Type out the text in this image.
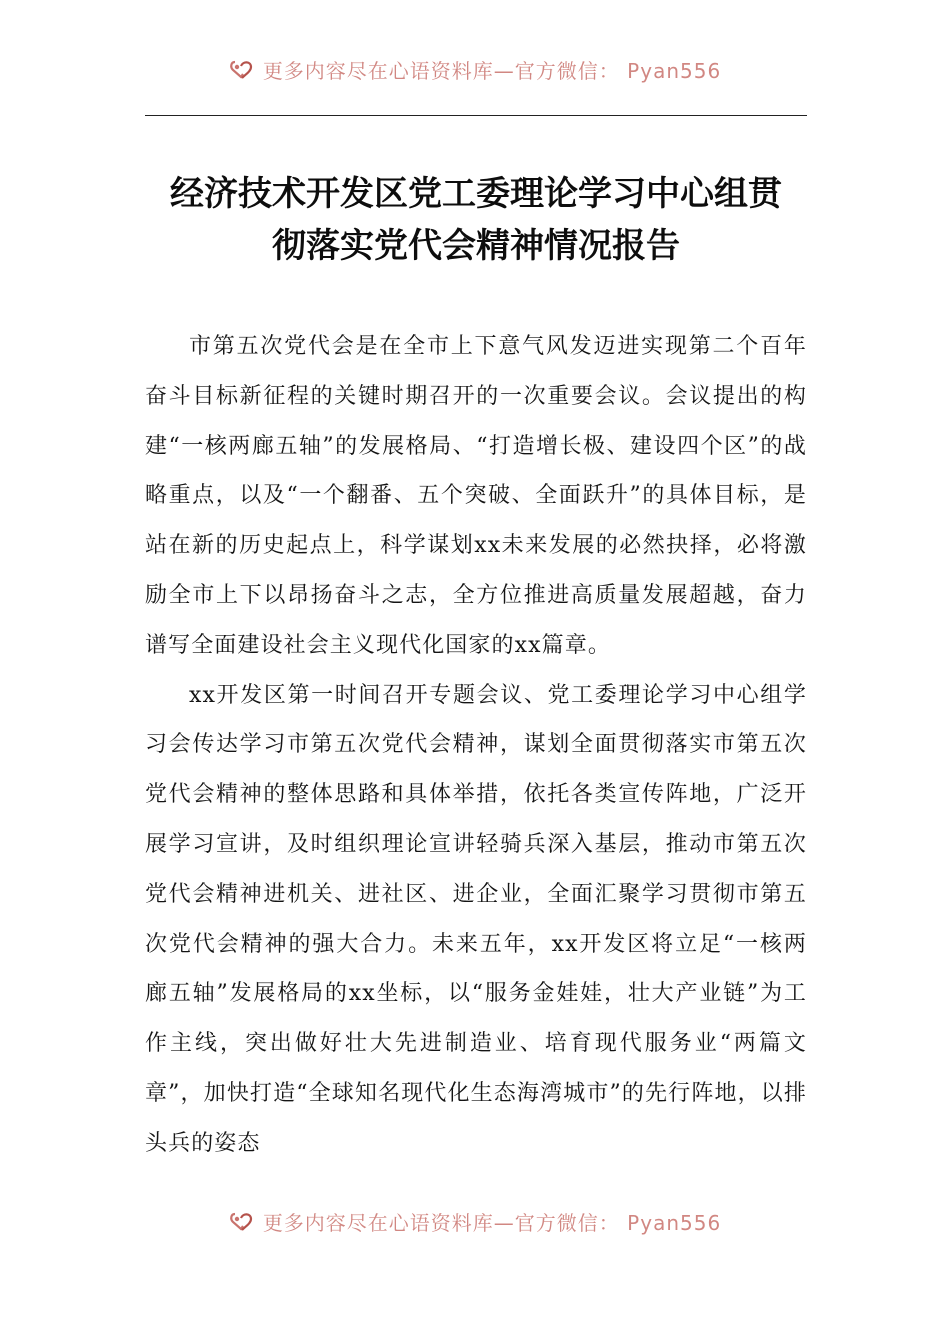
更多内容尽在心语资料库—官方微信： Pyan556
经济技术开发区党工委理论学习中心组贯
彻落实党代会精神情况报告

市第五次党代会是在全市上下意气风发迈进实现第二个百年奋斗目标新征程的关键时期召开的一次重要会议。会议提出的构建“一核两廊五轴”的发展格局、“打造增长极、建设四个区”的战略重点，以及“一个翻番、五个突破、全面跃升”的具体目标，是站在新的历史起点上，科学谋划xx未来发展的必然抉择，必将激励全市上下以昂扬奋斗之志，全方位推进高质量发展超越，奋力谱写全面建设社会主义现代化国家的xx篇章。

xx开发区第一时间召开专题会议、党工委理论学习中心组学习会传达学习市第五次党代会精神，谋划全面贯彻落实市第五次党代会精神的整体思路和具体举措，依托各类宣传阵地，广泛开展学习宣讲，及时组织理论宣讲轻骑兵深入基层，推动市第五次党代会精神进机关、进社区、进企业，全面汇聚学习贯彻市第五次党代会精神的强大合力。未来五年，xx开发区将立足“一核两廊五轴”发展格局的xx坐标，以“服务金娃娃，壮大产业链”为工作主线，突出做好壮大先进制造业、培育现代服务业“两篇文章”，加快打造“全球知名现代化生态海湾城市”的先行阵地，以排头兵的姿态

更多内容尽在心语资料库—官方微信： Pyan556
